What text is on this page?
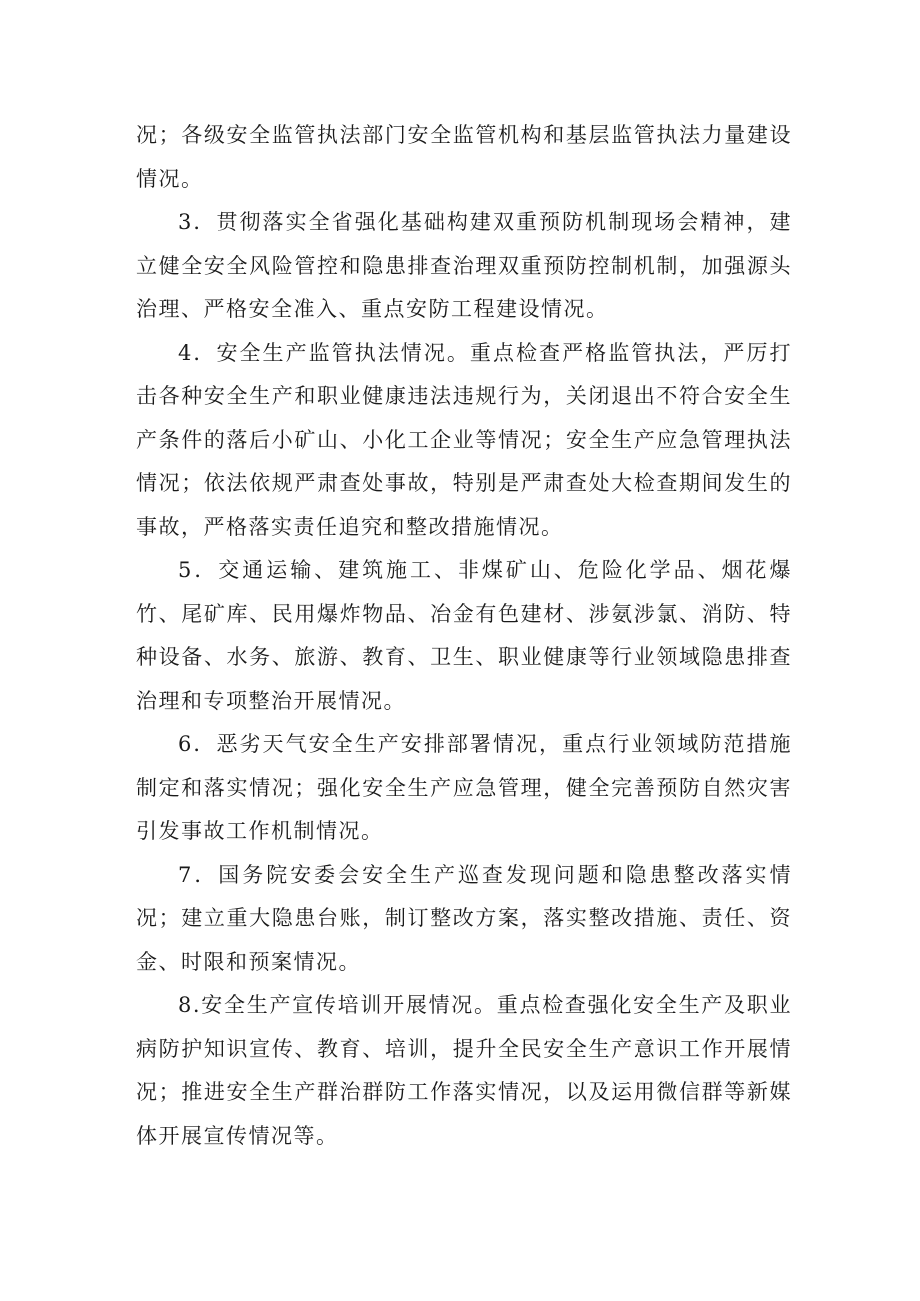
况；各级安全监管执法部门安全监管机构和基层监管执法力量建设情况。

3．贯彻落实全省强化基础构建双重预防机制现场会精神，建立健全安全风险管控和隐患排查治理双重预防控制机制，加强源头治理、严格安全准入、重点安防工程建设情况。

4．安全生产监管执法情况。重点检查严格监管执法，严厉打击各种安全生产和职业健康违法违规行为，关闭退出不符合安全生产条件的落后小矿山、小化工企业等情况；安全生产应急管理执法情况；依法依规严肃查处事故，特别是严肃查处大检查期间发生的事故，严格落实责任追究和整改措施情况。

5．交通运输、建筑施工、非煤矿山、危险化学品、烟花爆竹、尾矿库、民用爆炸物品、冶金有色建材、涉氨涉氯、消防、特种设备、水务、旅游、教育、卫生、职业健康等行业领域隐患排查治理和专项整治开展情况。

6．恶劣天气安全生产安排部署情况，重点行业领域防范措施制定和落实情况；强化安全生产应急管理，健全完善预防自然灾害引发事故工作机制情况。

7．国务院安委会安全生产巡查发现问题和隐患整改落实情况；建立重大隐患台账，制订整改方案，落实整改措施、责任、资金、时限和预案情况。

8.安全生产宣传培训开展情况。重点检查强化安全生产及职业病防护知识宣传、教育、培训，提升全民安全生产意识工作开展情况；推进安全生产群治群防工作落实情况，以及运用微信群等新媒体开展宣传情况等。
